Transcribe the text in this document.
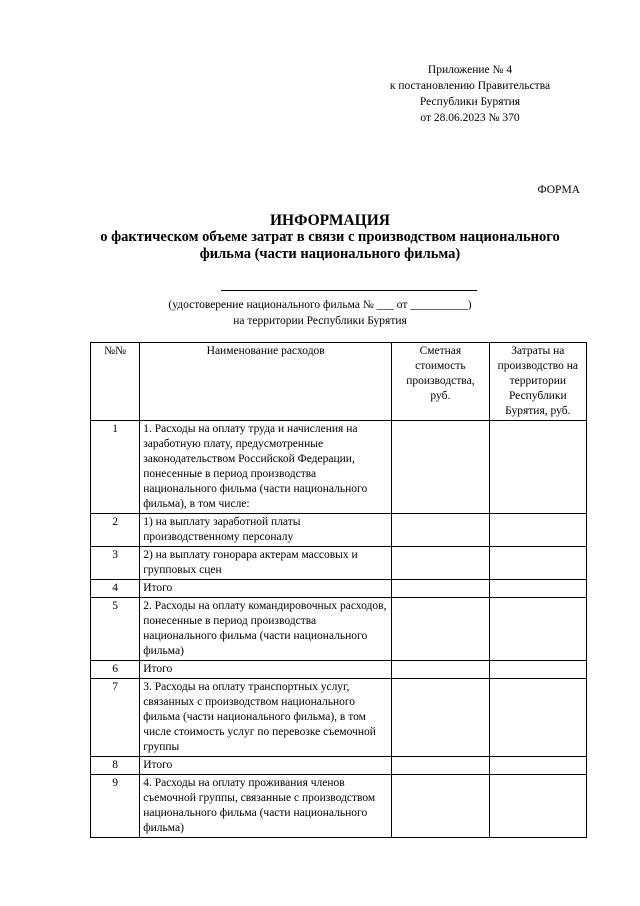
Приложение № 4
к постановлению Правительства
Республики Бурятия
от 28.06.2023 № 370
ФОРМА
ИНФОРМАЦИЯ
о фактическом объеме затрат в связи с производством национального
фильма (части национального фильма)
(удостоверение национального фильма № ___ от __________)
на территории Республики Бурятия
№№	Наименование расходов	Сметная стоимость производства, руб.	Затраты на производство на территории Республики Бурятия, руб.
1	1. Расходы на оплату труда и начисления на заработную плату, предусмотренные законодательством Российской Федерации, понесенные в период производства национального фильма (части национального фильма), в том числе:		
2	1) на выплату заработной платы производственному персоналу		
3	2) на выплату гонорара актерам массовых и групповых сцен		
4	Итого		
5	2. Расходы на оплату командировочных расходов, понесенные в период производства национального фильма (части национального фильма)		
6	Итого		
7	3. Расходы на оплату транспортных услуг, связанных с производством национального фильма (части национального фильма), в том числе стоимость услуг по перевозке съемочной группы		
8	Итого		
9	4. Расходы на оплату проживания членов съемочной группы, связанные с производством национального фильма (части национального фильма)		
